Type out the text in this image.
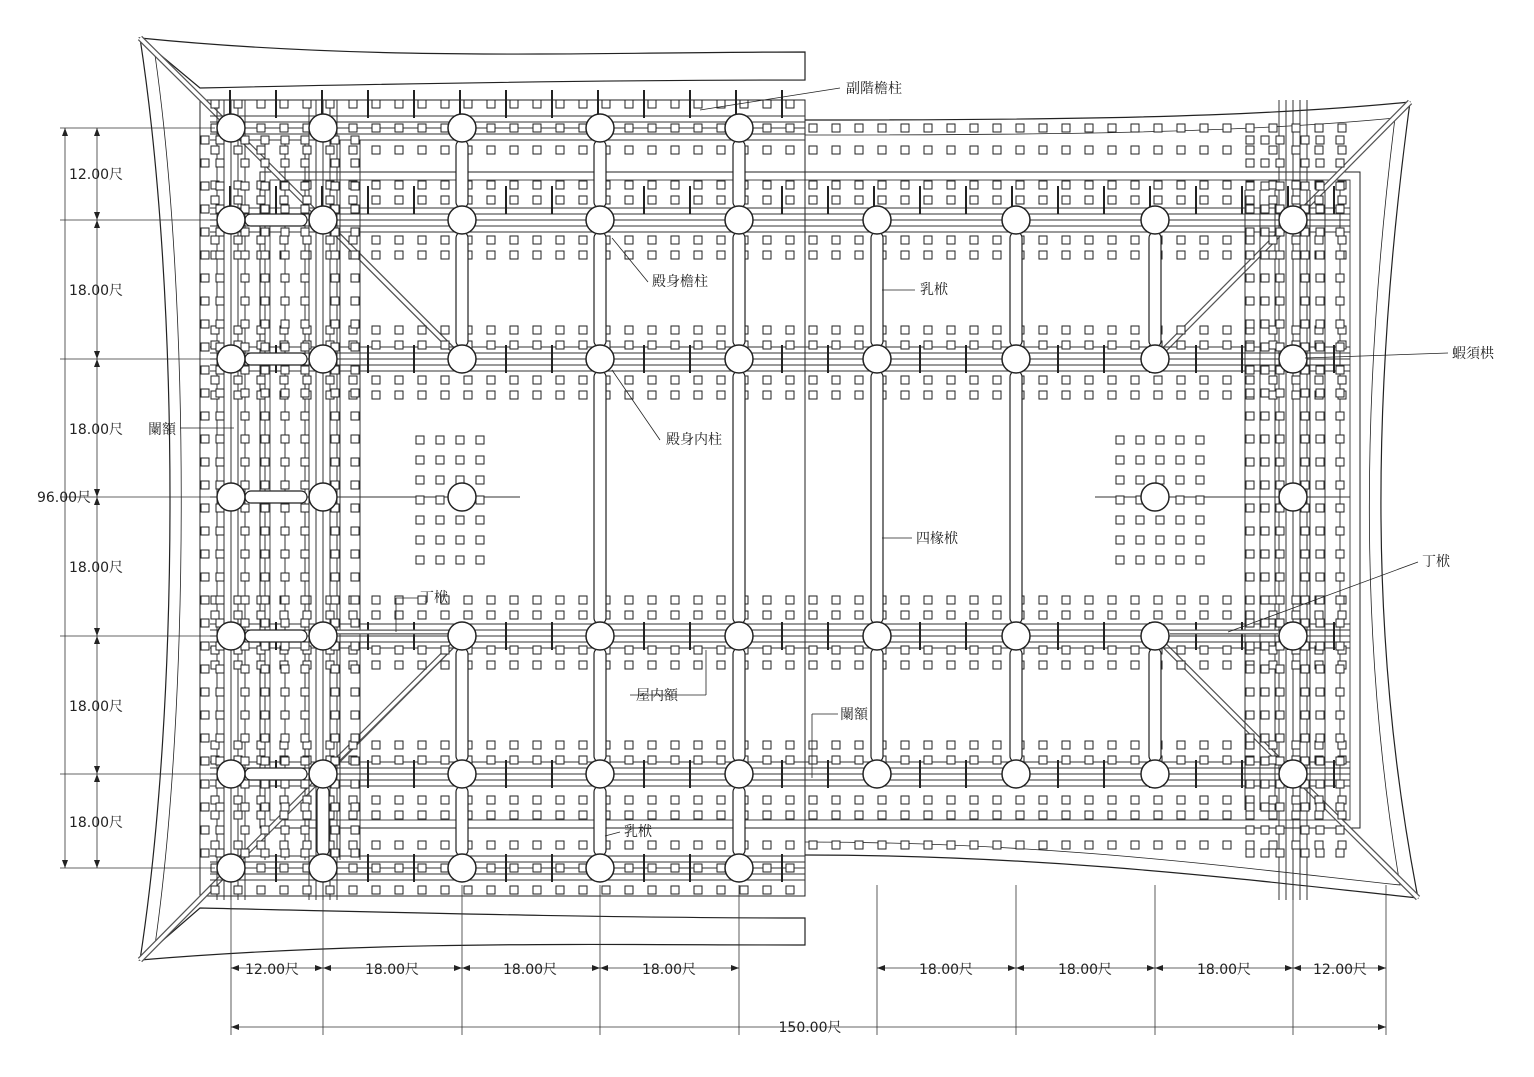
12.00尺	18.00尺	18.00尺	18.00尺	18.00尺	18.00尺	18.00尺	12.00尺
150.00尺
12.00尺
18.00尺
18.00尺
18.00尺
18.00尺
18.00尺
96.00尺
副階檐柱
殿身檐柱	乳栿
蝦須栱
闌額
殿身内柱
四椽栿
丁栿
丁栿
屋内額
闌額
乳栿
